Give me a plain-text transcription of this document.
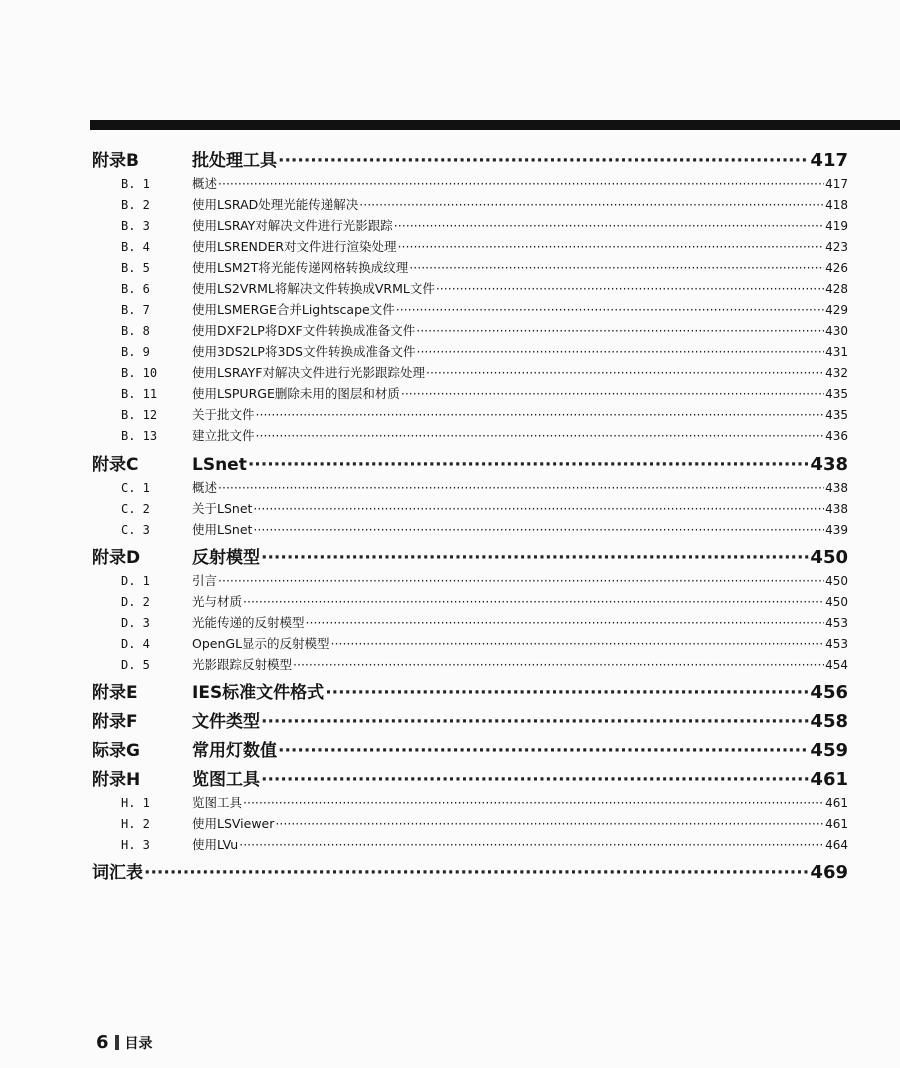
附录B	批处理工具 ·····	417
B. 1	概述 ·····	417
B. 2	使用LSRAD处理光能传递解决 ·····	418
B. 3	使用LSRAY对解决文件进行光影跟踪 ·····	419
B. 4	使用LSRENDER对文件进行渲染处理 ·····	423
B. 5	使用LSM2T将光能传递网格转换成纹理 ·····	426
B. 6	使用LS2VRML将解决文件转换成VRML文件 ·····	428
B. 7	使用LSMERGE合并Lightscape文件 ·····	429
B. 8	使用DXF2LP将DXF文件转换成准备文件 ·····	430
B. 9	使用3DS2LP将3DS文件转换成准备文件 ·····	431
B. 10	使用LSRAYF对解决文件进行光影跟踪处理 ·····	432
B. 11	使用LSPURGE删除未用的图层和材质 ·····	435
B. 12	关于批文件 ·····	435
B. 13	建立批文件 ·····	436
附录C	LSnet ·····	438
C. 1	概述 ·····	438
C. 2	关于LSnet ·····	438
C. 3	使用LSnet ·····	439
附录D	反射模型 ·····	450
D. 1	引言 ·····	450
D. 2	光与材质 ·····	450
D. 3	光能传递的反射模型 ·····	453
D. 4	OpenGL显示的反射模型 ·····	453
D. 5	光影跟踪反射模型 ·····	454
附录E	IES标准文件格式 ·····	456
附录F	文件类型 ·····	458
际录G	常用灯数值 ·····	459
附录H	览图工具 ·····	461
H. 1	览图工具 ·····	461
H. 2	使用LSViewer ·····	461
H. 3	使用LVu ·····	464
词汇表 ·····	469
6 目录
